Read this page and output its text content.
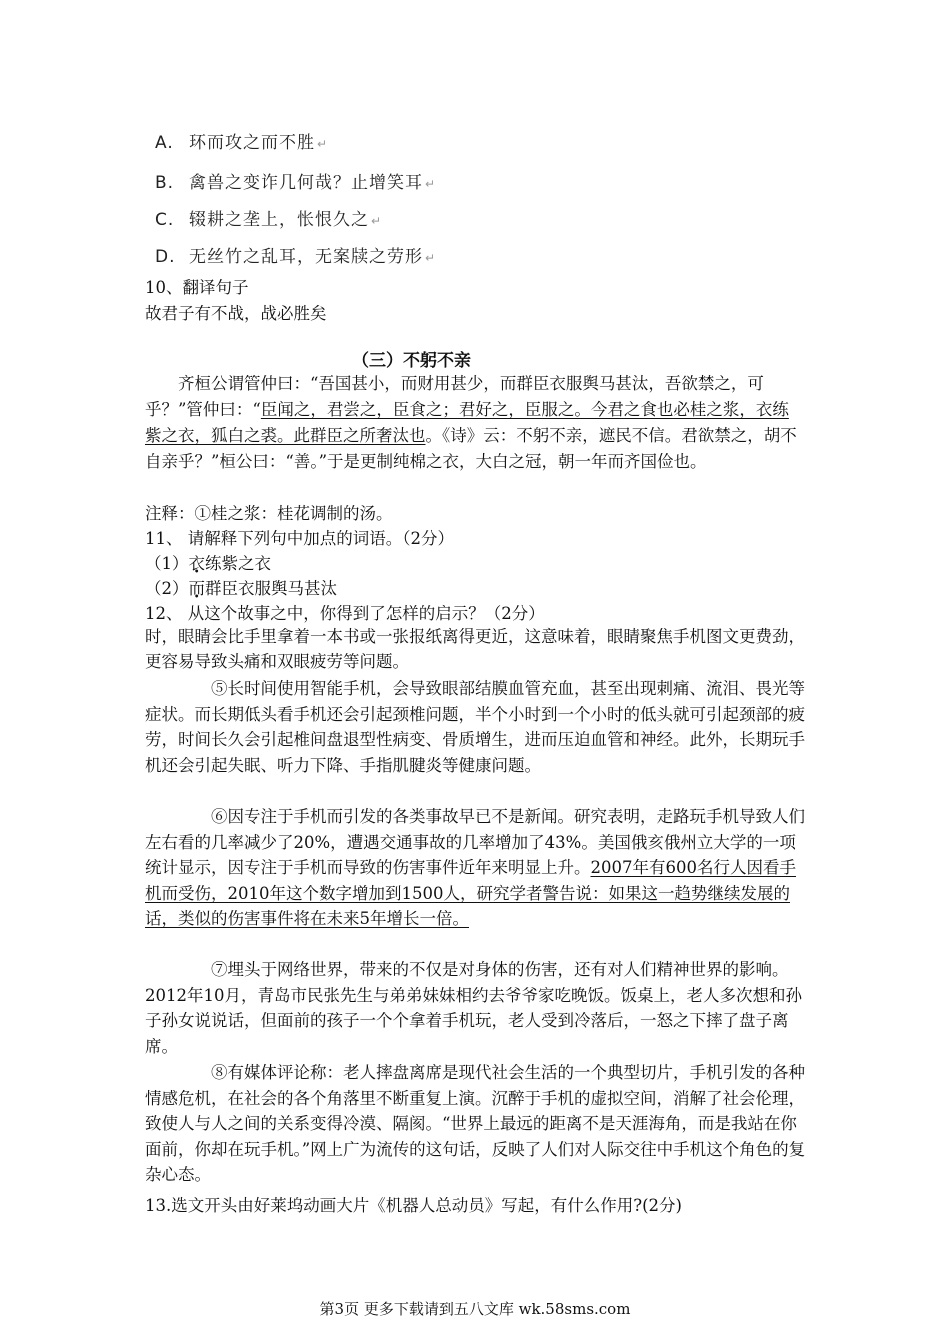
A. 环而攻之而不胜 ↵
B. 禽兽之变诈几何哉？止增笑耳 ↵
C. 辍耕之垄上，怅恨久之 ↵
D. 无丝竹之乱耳，无案牍之劳形 ↵
10、翻译句子
故君子有不战，战必胜矣
（三）不躬不亲
齐桓公谓管仲曰：“吾国甚小，而财用甚少，而群臣衣服舆马甚汰，吾欲禁之，可乎？”管仲曰：“臣闻之，君尝之，臣食之；君好之，臣服之。今君之食也必桂之浆，衣练紫之衣，狐白之裘。此群臣之所奢汰也。《诗》云：不躬不亲，遮民不信。君欲禁之，胡不自亲乎？”桓公曰：“善。”于是更制纯棉之衣，大白之冠，朝一年而齐国俭也。
注释：①桂之浆：桂花调制的汤。
11、 请解释下列句中加点的词语。（2分）
（1）衣练紫之衣
（2）而群臣衣服舆马甚汰
12、 从这个故事之中，你得到了怎样的启示？（2分）
时，眼睛会比手里拿着一本书或一张报纸离得更近，这意味着，眼睛聚焦手机图文更费劲，更容易导致头痛和双眼疲劳等问题。
⑤长时间使用智能手机，会导致眼部结膜血管充血，甚至出现刺痛、流泪、畏光等症状。而长期低头看手机还会引起颈椎问题，半个小时到一个小时的低头就可引起颈部的疲劳，时间长久会引起椎间盘退型性病变、骨质增生，进而压迫血管和神经。此外，长期玩手机还会引起失眠、听力下降、手指肌腱炎等健康问题。
⑥因专注于手机而引发的各类事故早已不是新闻。研究表明，走路玩手机导致人们左右看的几率减少了20%，遭遇交通事故的几率增加了43%。美国俄亥俄州立大学的一项统计显示，因专注于手机而导致的伤害事件近年来明显上升。2007年有600名行人因看手机而受伤，2010年这个数字增加到1500人，研究学者警告说：如果这一趋势继续发展的话，类似的伤害事件将在未来5年增长一倍。
⑦埋头于网络世界，带来的不仅是对身体的伤害，还有对人们精神世界的影响。2012年10月，青岛市民张先生与弟弟妹妹相约去爷爷家吃晚饭。饭桌上，老人多次想和孙子孙女说说话，但面前的孩子一个个拿着手机玩，老人受到冷落后，一怒之下摔了盘子离席。
⑧有媒体评论称：老人摔盘离席是现代社会生活的一个典型切片，手机引发的各种情感危机，在社会的各个角落里不断重复上演。沉醉于手机的虚拟空间，消解了社会伦理，致使人与人之间的关系变得冷漠、隔阂。“世界上最远的距离不是天涯海角，而是我站在你面前，你却在玩手机。”网上广为流传的这句话，反映了人们对人际交往中手机这个角色的复杂心态。
13.选文开头由好莱坞动画大片《机器人总动员》写起，有什么作用?(2分)
第3页 更多下载请到五八文库 wk.58sms.com
